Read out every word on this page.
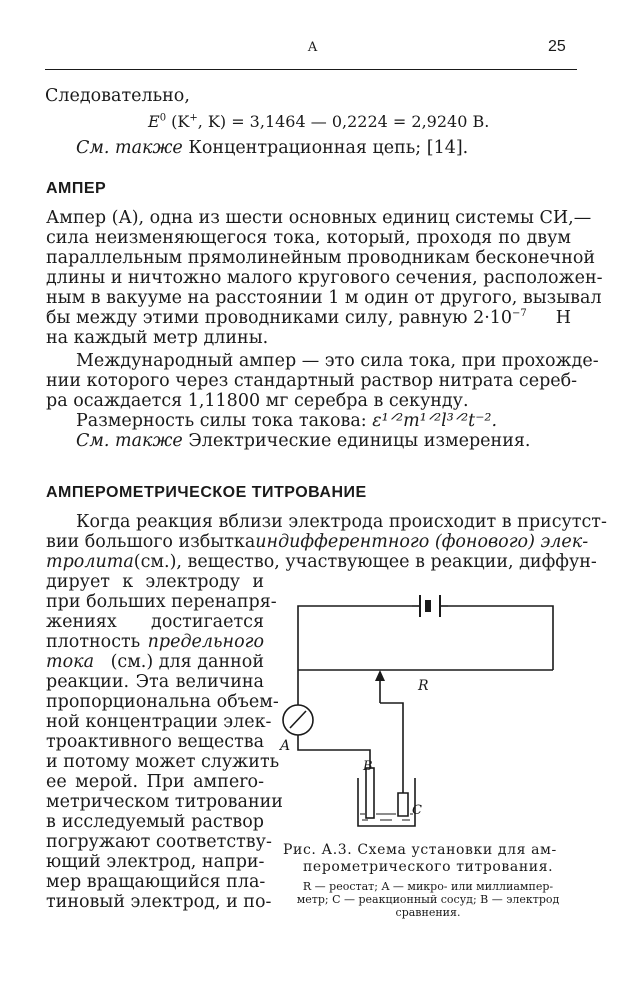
А	25
Следовательно,
$E^0$ (K+, K) = 3,1464 — 0,2224 = 2,9240 В.
См. также Концентрационная цепь; [14].
АМПЕР
Ампер (А), одна из шести основных единиц системы СИ,—
сила неизменяющегося тока, который, проходя по двум
параллельным прямолинейным проводникам бесконечной
длины и ничтожно малого кругового сечения, расположен-
ным в вакууме на расстоянии 1 м один от другого, вызывал
бы между этими проводниками силу, равную $2\cdot 10^{-7}$ Н
на каждый метр длины.
Международный ампер — это сила тока, при прохожде-
нии которого через стандартный раствор нитрата сереб-
ра осаждается 1,11800 мг серебра в секунду.
Размерность силы тока такова: ε¹ᐟ²m¹ᐟ²l³ᐟ²t⁻².
См. также Электрические единицы измерения.
АМПЕРОМЕТРИЧЕСКОЕ ТИТРОВАНИЕ
Когда реакция вблизи электрода происходит в присутст-
вии большого избытка индифферентного (фонового) элек-
тролита (см.), вещество, участвующее в реакции, диффун-
дирует к электроду и
при больших перенапря-
жениях достигается
плотность предельного
тока (см.) для данной
реакции. Эта величина
пропорциональна объем-
ной концентрации элек-
троактивного вещества
и потому может служить
ее мерой. При ампero-
метрическом титровании
в исследуемый раствор
погружают соответству-
ющий электрод, напри-
мер вращающийся пла-
тиновый электрод, и по-
R
A
B
C
Рис. А.3. Схема установки для ам-
перометрического титрования.
R — реостат; A — микро- или миллиампер-
метр; C — реакционный сосуд; B — электрод
сравнения.
